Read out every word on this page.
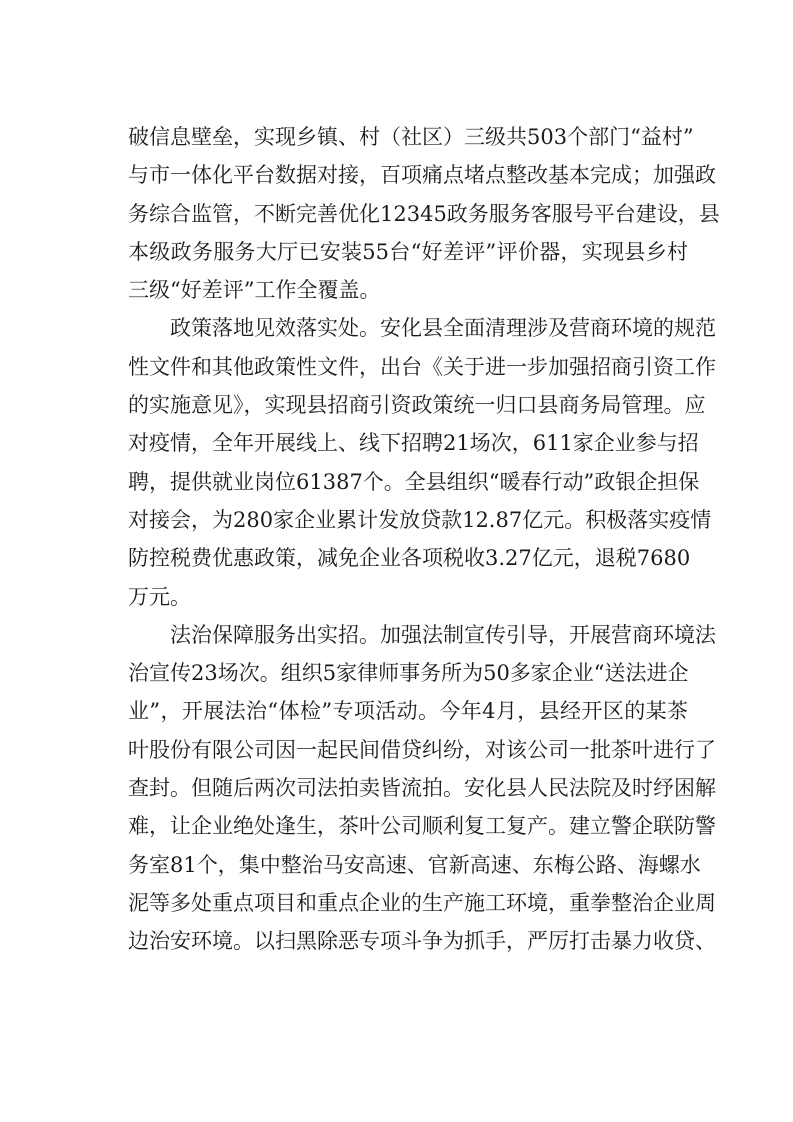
破信息壁垒，实现乡镇、村（社区）三级共503个部门“益村”
与市一体化平台数据对接，百项痛点堵点整改基本完成；加强政
务综合监管，不断完善优化12345政务服务客服号平台建设，县
本级政务服务大厅已安装55台“好差评”评价器，实现县乡村
三级“好差评”工作全覆盖。
政策落地见效落实处。安化县全面清理涉及营商环境的规范
性文件和其他政策性文件，出台《关于进一步加强招商引资工作
的实施意见》，实现县招商引资政策统一归口县商务局管理。应
对疫情，全年开展线上、线下招聘21场次，611家企业参与招
聘，提供就业岗位61387个。全县组织“暖春行动”政银企担保
对接会，为280家企业累计发放贷款12.87亿元。积极落实疫情
防控税费优惠政策，减免企业各项税收3.27亿元，退税7680
万元。
法治保障服务出实招。加强法制宣传引导，开展营商环境法
治宣传23场次。组织5家律师事务所为50多家企业“送法进企
业”，开展法治“体检”专项活动。今年4月，县经开区的某茶
叶股份有限公司因一起民间借贷纠纷，对该公司一批茶叶进行了
查封。但随后两次司法拍卖皆流拍。安化县人民法院及时纾困解
难，让企业绝处逢生，茶叶公司顺利复工复产。建立警企联防警
务室81个，集中整治马安高速、官新高速、东梅公路、海螺水
泥等多处重点项目和重点企业的生产施工环境，重拳整治企业周
边治安环境。以扫黑除恶专项斗争为抓手，严厉打击暴力收贷、
